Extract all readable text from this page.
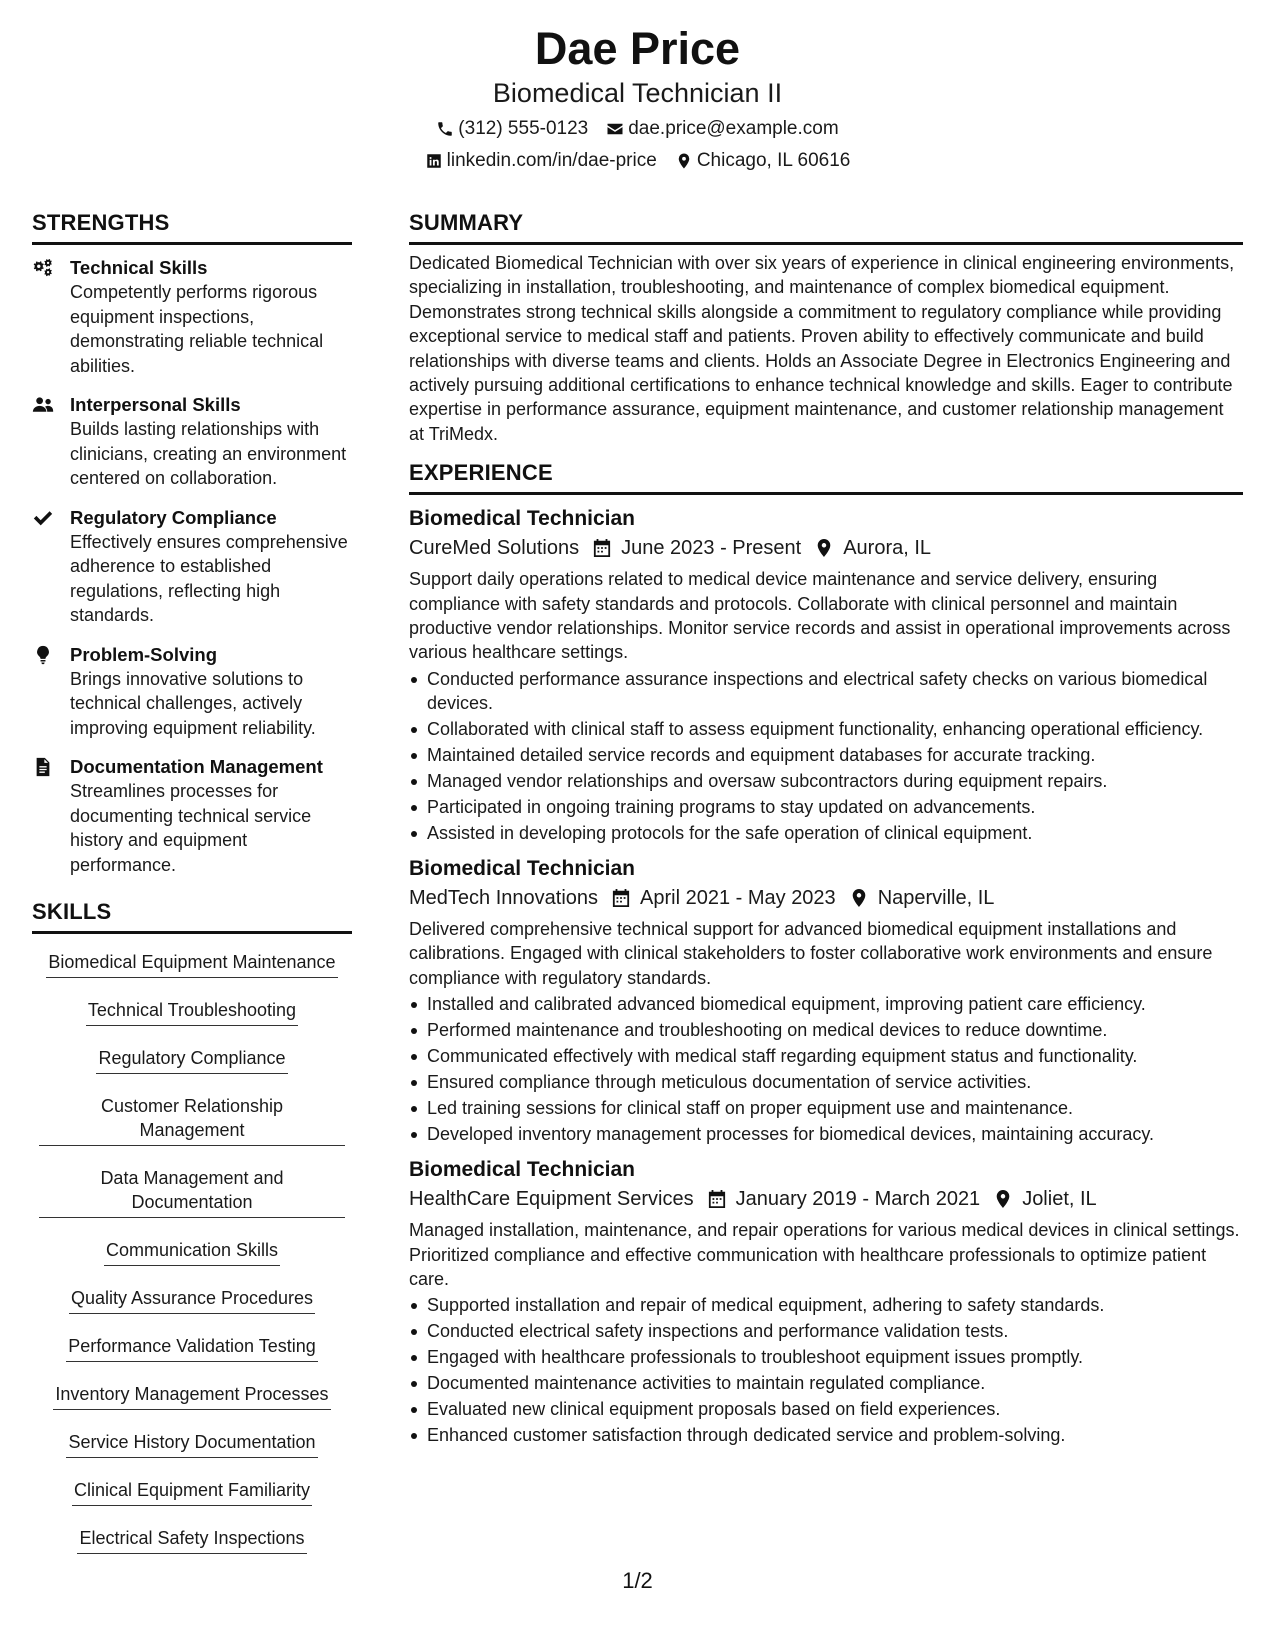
Dae Price
Biomedical Technician II
(312) 555-0123 dae.price@example.com
linkedin.com/in/dae-price Chicago, IL 60616
STRENGTHS
Technical Skills
Competently performs rigorous equipment inspections, demonstrating reliable technical abilities.
Interpersonal Skills
Builds lasting relationships with clinicians, creating an environment centered on collaboration.
Regulatory Compliance
Effectively ensures comprehensive adherence to established regulations, reflecting high standards.
Problem-Solving
Brings innovative solutions to technical challenges, actively improving equipment reliability.
Documentation Management
Streamlines processes for documenting technical service history and equipment performance.
SKILLS
Biomedical Equipment Maintenance
Technical Troubleshooting
Regulatory Compliance
Customer Relationship Management
Data Management and Documentation
Communication Skills
Quality Assurance Procedures
Performance Validation Testing
Inventory Management Processes
Service History Documentation
Clinical Equipment Familiarity
Electrical Safety Inspections
SUMMARY
Dedicated Biomedical Technician with over six years of experience in clinical engineering environments, specializing in installation, troubleshooting, and maintenance of complex biomedical equipment. Demonstrates strong technical skills alongside a commitment to regulatory compliance while providing exceptional service to medical staff and patients. Proven ability to effectively communicate and build relationships with diverse teams and clients. Holds an Associate Degree in Electronics Engineering and actively pursuing additional certifications to enhance technical knowledge and skills. Eager to contribute expertise in performance assurance, equipment maintenance, and customer relationship management at TriMedx.
EXPERIENCE
Biomedical Technician
CureMed Solutions June 2023 - Present Aurora, IL
Support daily operations related to medical device maintenance and service delivery, ensuring compliance with safety standards and protocols. Collaborate with clinical personnel and maintain productive vendor relationships. Monitor service records and assist in operational improvements across various healthcare settings.
Conducted performance assurance inspections and electrical safety checks on various biomedical devices.
Collaborated with clinical staff to assess equipment functionality, enhancing operational efficiency.
Maintained detailed service records and equipment databases for accurate tracking.
Managed vendor relationships and oversaw subcontractors during equipment repairs.
Participated in ongoing training programs to stay updated on advancements.
Assisted in developing protocols for the safe operation of clinical equipment.
Biomedical Technician
MedTech Innovations April 2021 - May 2023 Naperville, IL
Delivered comprehensive technical support for advanced biomedical equipment installations and calibrations. Engaged with clinical stakeholders to foster collaborative work environments and ensure compliance with regulatory standards.
Installed and calibrated advanced biomedical equipment, improving patient care efficiency.
Performed maintenance and troubleshooting on medical devices to reduce downtime.
Communicated effectively with medical staff regarding equipment status and functionality.
Ensured compliance through meticulous documentation of service activities.
Led training sessions for clinical staff on proper equipment use and maintenance.
Developed inventory management processes for biomedical devices, maintaining accuracy.
Biomedical Technician
HealthCare Equipment Services January 2019 - March 2021 Joliet, IL
Managed installation, maintenance, and repair operations for various medical devices in clinical settings. Prioritized compliance and effective communication with healthcare professionals to optimize patient care.
Supported installation and repair of medical equipment, adhering to safety standards.
Conducted electrical safety inspections and performance validation tests.
Engaged with healthcare professionals to troubleshoot equipment issues promptly.
Documented maintenance activities to maintain regulated compliance.
Evaluated new clinical equipment proposals based on field experiences.
Enhanced customer satisfaction through dedicated service and problem-solving.
1/2
